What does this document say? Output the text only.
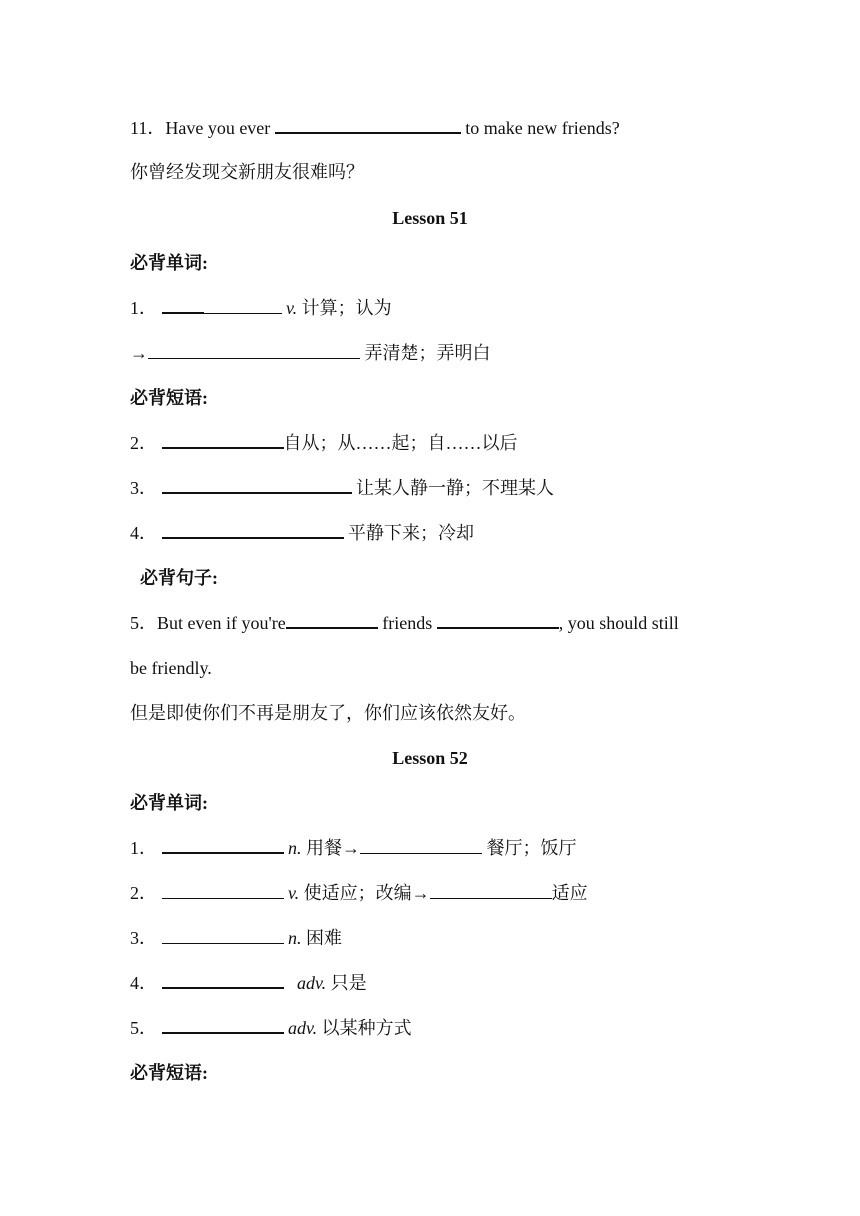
11．Have you ever	to make new friends?
你曾经发现交新朋友很难吗？
Lesson 51
必背单词:
1．	v. 计算；认为
→	弄清楚；弄明白
必背短语:
2．	自从；从……起；自……以后
3．	让某人静一静；不理某人
4．	平静下来；冷却
必背句子:
5．But even if you're	friends	, you should still
be friendly.
但是即使你们不再是朋友了，你们应该依然友好。
Lesson 52
必背单词:
1．	n. 用餐→	餐厅；饭厅
2．	v. 使适应；改编→	适应
3．	n. 困难
4．	adv. 只是
5．	adv. 以某种方式
必背短语:
